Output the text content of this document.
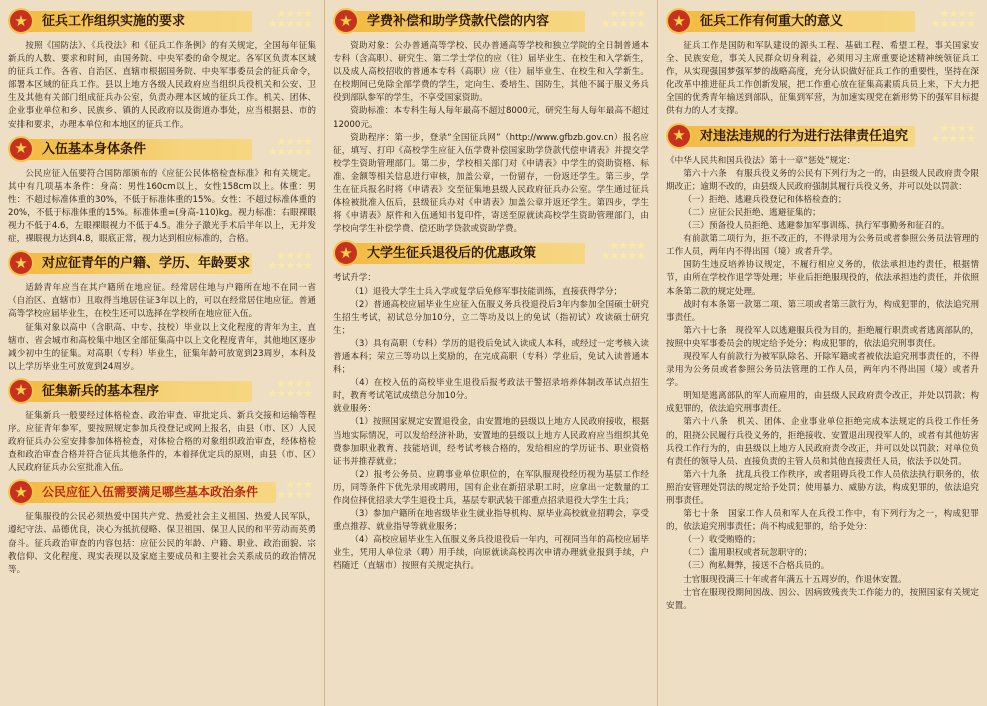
★	征兵工作组织实施的要求
★★★★
★★★★★

按照《国防法》、《兵役法》和《征兵工作条例》的有关规定，全国每年征集新兵的人数、要求和时间，由国务院、中央军委的命令规定。各军区负责本区域的征兵工作。各省、自治区、直辖市根据国务院、中央军事委员会的征兵命令，部署本区域的征兵工作。县以上地方各级人民政府应当组织兵役机关和公安、卫生及其他有关部门组成征兵办公室，负责办理本区域的征兵工作。机关、团体、企业事业单位和乡、民族乡、镇的人民政府以及街道办事处，应当根据县、市的安排和要求，办理本单位和本地区的征兵工作。

★	入伍基本身体条件
★★★★
★★★★★

公民应征入伍要符合国防部颁布的《应征公民体格检查标准》和有关规定。其中有几项基本条件：身高：男性160cm以上，女性158cm以上。体重：男性：不超过标准体重的30%，不低于标准体重的15%。女性：不超过标准体重的20%，不低于标准体重的15%。标准体重=(身高-110)kg。视力标准：右眼裸眼视力不低于4.6，左眼裸眼视力不低于4.5。准分子激光手术后半年以上，无并发症，裸眼视力达到4.8，眼底正常，视力达到相应标准的，合格。

★	对应征青年的户籍、学历、年龄要求
★★★★
★★★★★

适龄青年应当在其户籍所在地应征。经常居住地与户籍所在地不在同一省（自治区、直辖市）且取得当地居住证3年以上的，可以在经常居住地应征。普通高等学校应届毕业生，在校生还可以选择在学校所在地应征入伍。

征集对象以高中（含职高、中专、技校）毕业以上文化程度的青年为主，直辖市、省会城市和高校集中地区全部征集高中以上文化程度青年，其他地区逐步减少初中生的征集。对高职（专科）毕业生，征集年龄可放宽到23周岁，本科及以上学历毕业生可放宽到24周岁。

★	征集新兵的基本程序
★★★★
★★★★★

征集新兵一般要经过体格检查、政治审查、审批定兵、新兵交接和运输等程序。应征青年参军，要按照规定参加兵役登记或网上报名，由县（市、区）人民政府征兵办公室安排参加体格检查，对体检合格的对象组织政治审查，经体格检查和政治审查合格并符合征兵其他条件的，本着择优定兵的原则，由县（市、区）人民政府征兵办公室批准入伍。

★	公民应征入伍需要满足哪些基本政治条件
★★★
★★★★

征集服役的公民必须热爱中国共产党、热爱社会主义祖国、热爱人民军队，遵纪守法、品德优良，决心为抵抗侵略、保卫祖国、保卫人民的和平劳动而英勇奋斗。征兵政治审查的内容包括：应征公民的年龄、户籍、职业、政治面貌、宗教信仰、文化程度、现实表现以及家庭主要成员和主要社会关系成员的政治情况等。

★	学费补偿和助学贷款代偿的内容
★★★★
★★★★★

资助对象：公办普通高等学校、民办普通高等学校和独立学院的全日制普通本专科（含高职）、研究生、第二学士学位的应（往）届毕业生、在校生和入学新生，以及成人高校招收的普通本专科（高职）应（往）届毕业生、在校生和入学新生。在校期间已免除全部学费的学生，定向生、委培生、国防生，其他不属于服义务兵役到部队参军的学生，不享受国家资助。

资助标准：本专科生每人每年最高不超过8000元，研究生每人每年最高不超过12000元。

资助程序：第一步，登录“全国征兵网”（http://www.gfbzb.gov.cn）报名应征，填写、打印《高校学生应征入伍学费补偿国家助学贷款代偿申请表》并提交学校学生资助管理部门。第二步，学校相关部门对《申请表》中学生的资助资格、标准、金额等相关信息进行审核，加盖公章，一份留存，一份返还学生。第三步，学生在征兵报名时将《申请表》交至征集地县级人民政府征兵办公室。学生通过征兵体检被批准入伍后，县级征兵办对《申请表》加盖公章并返还学生。第四步，学生将《申请表》原件和入伍通知书复印件，寄送至原就读高校学生资助管理部门，由学校向学生补偿学费、偿还助学贷款或资助学费。

★	大学生征兵退役后的优惠政策
★★★★
★★★★★

考试升学：

（1）退役大学生士兵入学或复学后免修军事技能训练，直接获得学分；

（2）普通高校应届毕业生应征入伍服义务兵役退役后3年内参加全国硕士研究生招生考试，初试总分加10分，立二等功及以上的免试（指初试）攻读硕士研究生；

（3）具有高职（专科）学历的退役后免试入读成人本科，或经过一定考核入读普通本科；荣立三等功以上奖励的，在完成高职（专科）学业后，免试入读普通本科；

（4）在校入伍的高校毕业生退役后报考政法干警招录培养体制改革试点招生时，教育考试笔试成绩总分加10分。

就业服务：

（1）按照国家规定安置退役金，由安置地的县级以上地方人民政府接收，根据当地实际情况，可以发给经济补助，安置地的县级以上地方人民政府应当组织其免费参加职业教育、技能培训，经考试考核合格的，发给相应的学历证书、职业资格证书并推荐就业；

（2）报考公务员、应聘事业单位职位的，在军队服现役经历视为基层工作经历，同等条件下优先录用或聘用，国有企业在新招录职工时，应拿出一定数量的工作岗位择优招录大学生退役士兵，基层专职武装干部重点招录退役大学生士兵；

（3）参加户籍所在地省级毕业生就业指导机构、原毕业高校就业招聘会，享受重点推荐、就业指导等就业服务；

（4）高校应届毕业生入伍服义务兵役退役后一年内，可视同当年的高校应届毕业生，凭用人单位录（聘）用手续，向原就读高校再次申请办理就业报到手续，户档随迁（直辖市）按照有关规定执行。

★	征兵工作有何重大的意义
★★★★
★★★★★

征兵工作是国防和军队建设的源头工程、基础工程、希望工程，事关国家安全、民族安危，事关人民群众切身利益，必须用习主席重要论述精神统领征兵工作，从实现强国梦强军梦的战略高度，充分认识做好征兵工作的重要性，坚持在深化改革中推进征兵工作创新发展，把工作重心放在征集高素质兵员上来，下大力把全国的优秀青年输送到部队，征集到军营，为加速实现党在新形势下的强军目标提供有力的人才支撑。

★	对违法违规的行为进行法律责任追究
★★★★
★★★★★

《中华人民共和国兵役法》第十一章“惩处”规定：

第六十六条　有服兵役义务的公民有下列行为之一的，由县级人民政府责令限期改正；逾期不改的，由县级人民政府强制其履行兵役义务，并可以处以罚款：

（一）拒绝、逃避兵役登记和体格检查的；

（二）应征公民拒绝、逃避征集的；

（三）预备役人员拒绝、逃避参加军事训练、执行军事勤务和征召的。

有前款第二项行为，拒不改正的，不得录用为公务员或者参照公务员法管理的工作人员，两年内不得出国（境）或者升学。

国防生违反培养协议规定，不履行相应义务的，依法承担违约责任，根据情节，由所在学校作退学等处理；毕业后拒绝服现役的，依法承担违约责任，并依照本条第二款的规定处理。

战时有本条第一款第二项、第三项或者第三款行为，构成犯罪的，依法追究刑事责任。

第六十七条　现役军人以逃避服兵役为目的，拒绝履行职责或者逃离部队的，按照中央军事委员会的规定给予处分；构成犯罪的，依法追究刑事责任。

现役军人有前款行为被军队除名、开除军籍或者被依法追究刑事责任的，不得录用为公务员或者参照公务员法管理的工作人员，两年内不得出国（境）或者升学。

明知是逃离部队的军人而雇用的，由县级人民政府责令改正，并处以罚款；构成犯罪的，依法追究刑事责任。

第六十八条　机关、团体、企业事业单位拒绝完成本法规定的兵役工作任务的，阻挠公民履行兵役义务的，拒绝接收、安置退出现役军人的，或者有其他妨害兵役工作行为的，由县级以上地方人民政府责令改正，并可以处以罚款；对单位负有责任的领导人员、直接负责的主管人员和其他直接责任人员，依法予以处罚。

第六十九条　扰乱兵役工作秩序，或者阻碍兵役工作人员依法执行职务的，依照治安管理处罚法的规定给予处罚；使用暴力、威胁方法，构成犯罪的，依法追究刑事责任。

第七十条　国家工作人员和军人在兵役工作中，有下列行为之一，构成犯罪的，依法追究刑事责任；尚不构成犯罪的，给予处分：

（一）收受贿赂的；

（二）滥用职权或者玩忽职守的；

（三）徇私舞弊，接送不合格兵员的。

士官服现役满三十年或者年满五十五周岁的，作退休安置。

士官在服现役期间因战、因公、因病致残丧失工作能力的，按照国家有关规定安置。
